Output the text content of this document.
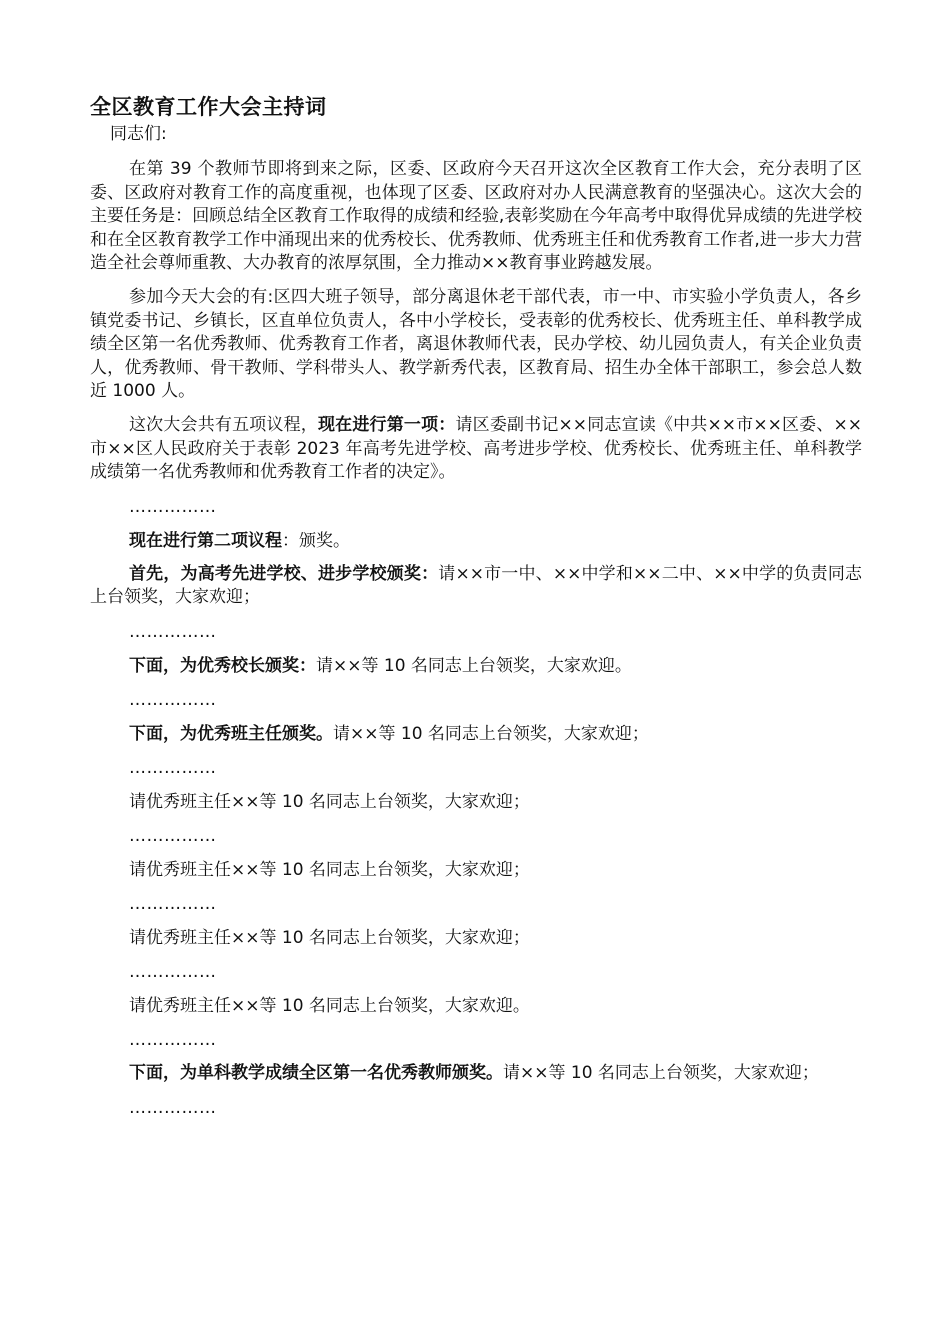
全区教育工作大会主持词

同志们:

在第 39 个教师节即将到来之际，区委、区政府今天召开这次全区教育工作大会，充分表明了区委、区政府对教育工作的高度重视，也体现了区委、区政府对办人民满意教育的坚强决心。这次大会的主要任务是：回顾总结全区教育工作取得的成绩和经验,表彰奖励在今年高考中取得优异成绩的先进学校和在全区教育教学工作中涌现出来的优秀校长、优秀教师、优秀班主任和优秀教育工作者,进一步大力营造全社会尊师重教、大办教育的浓厚氛围，全力推动××教育事业跨越发展。

参加今天大会的有:区四大班子领导，部分离退休老干部代表，市一中、市实验小学负责人，各乡镇党委书记、乡镇长，区直单位负责人，各中小学校长，受表彰的优秀校长、优秀班主任、单科教学成绩全区第一名优秀教师、优秀教育工作者，离退休教师代表，民办学校、幼儿园负责人，有关企业负责人，优秀教师、骨干教师、学科带头人、教学新秀代表，区教育局、招生办全体干部职工，参会总人数近 1000 人。

这次大会共有五项议程，现在进行第一项：请区委副书记××同志宣读《中共××市××区委、××市××区人民政府关于表彰 2023 年高考先进学校、高考进步学校、优秀校长、优秀班主任、单科教学成绩第一名优秀教师和优秀教育工作者的决定》。

……………

现在进行第二项议程：颁奖。

首先，为高考先进学校、进步学校颁奖：请××市一中、××中学和××二中、××中学的负责同志上台领奖，大家欢迎；

……………

下面，为优秀校长颁奖：请××等 10 名同志上台领奖，大家欢迎。

……………

下面，为优秀班主任颁奖。请××等 10 名同志上台领奖，大家欢迎；

……………

请优秀班主任××等 10 名同志上台领奖，大家欢迎；

……………

请优秀班主任××等 10 名同志上台领奖，大家欢迎；

……………

请优秀班主任××等 10 名同志上台领奖，大家欢迎；

……………

请优秀班主任××等 10 名同志上台领奖，大家欢迎。

……………

下面，为单科教学成绩全区第一名优秀教师颁奖。请××等 10 名同志上台领奖，大家欢迎；

……………
